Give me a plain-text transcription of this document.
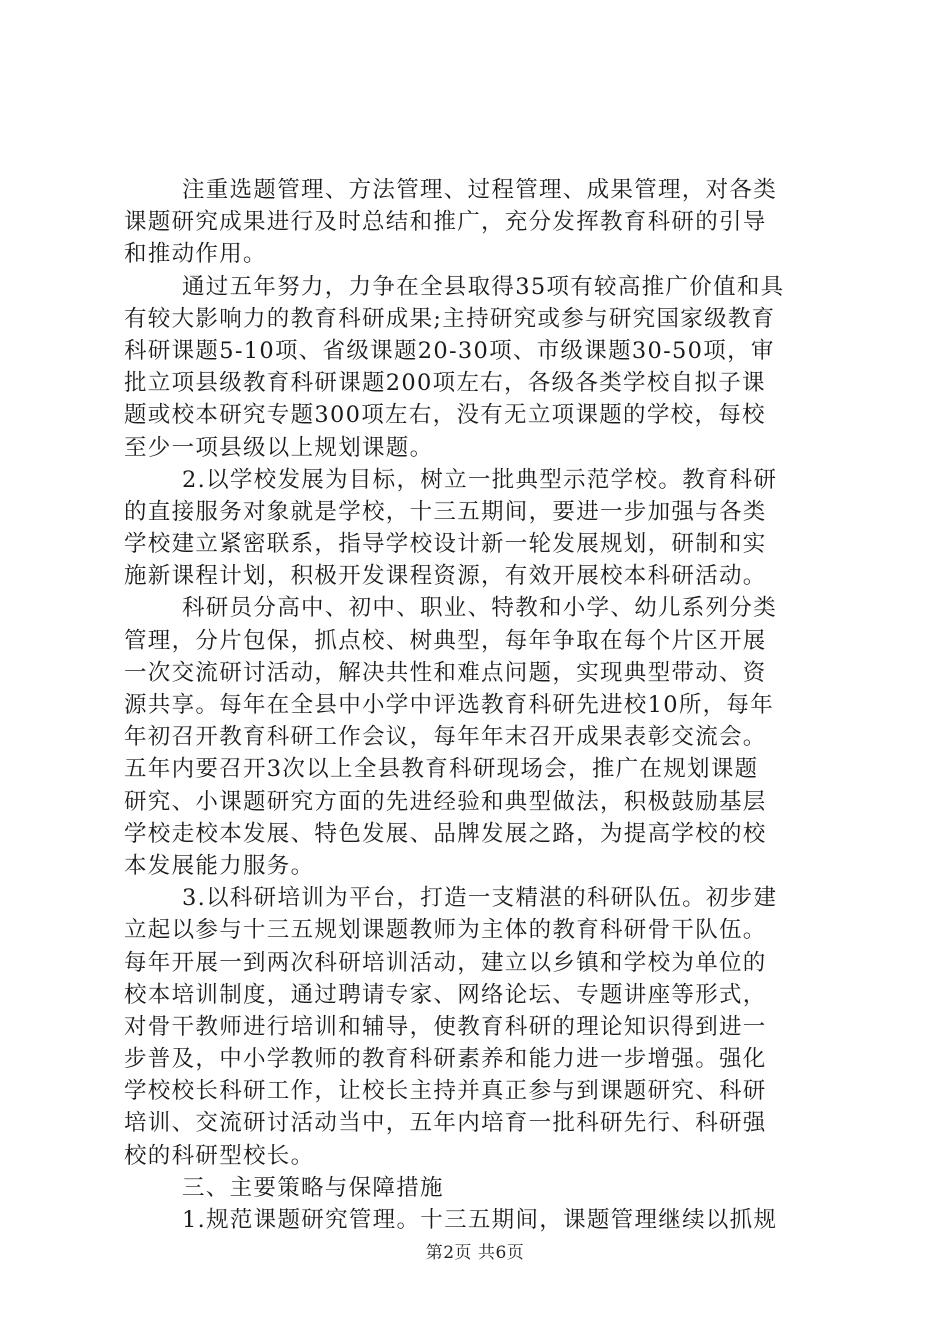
注重选题管理、方法管理、过程管理、成果管理，对各类
课题研究成果进行及时总结和推广，充分发挥教育科研的引导
和推动作用。
通过五年努力，力争在全县取得35项有较高推广价值和具
有较大影响力的教育科研成果;主持研究或参与研究国家级教育
科研课题5-10项、省级课题20-30项、市级课题30-50项，审
批立项县级教育科研课题200项左右，各级各类学校自拟子课
题或校本研究专题300项左右，没有无立项课题的学校，每校
至少一项县级以上规划课题。
2.以学校发展为目标，树立一批典型示范学校。教育科研
的直接服务对象就是学校，十三五期间，要进一步加强与各类
学校建立紧密联系，指导学校设计新一轮发展规划，研制和实
施新课程计划，积极开发课程资源，有效开展校本科研活动。
科研员分高中、初中、职业、特教和小学、幼儿系列分类
管理，分片包保，抓点校、树典型，每年争取在每个片区开展
一次交流研讨活动，解决共性和难点问题，实现典型带动、资
源共享。每年在全县中小学中评选教育科研先进校10所，每年
年初召开教育科研工作会议，每年年末召开成果表彰交流会。
五年内要召开3次以上全县教育科研现场会，推广在规划课题
研究、小课题研究方面的先进经验和典型做法，积极鼓励基层
学校走校本发展、特色发展、品牌发展之路，为提高学校的校
本发展能力服务。
3.以科研培训为平台，打造一支精湛的科研队伍。初步建
立起以参与十三五规划课题教师为主体的教育科研骨干队伍。
每年开展一到两次科研培训活动，建立以乡镇和学校为单位的
校本培训制度，通过聘请专家、网络论坛、专题讲座等形式，
对骨干教师进行培训和辅导，使教育科研的理论知识得到进一
步普及，中小学教师的教育科研素养和能力进一步增强。强化
学校校长科研工作，让校长主持并真正参与到课题研究、科研
培训、交流研讨活动当中，五年内培育一批科研先行、科研强
校的科研型校长。
三、主要策略与保障措施
1.规范课题研究管理。十三五期间，课题管理继续以抓规
第2页 共6页
